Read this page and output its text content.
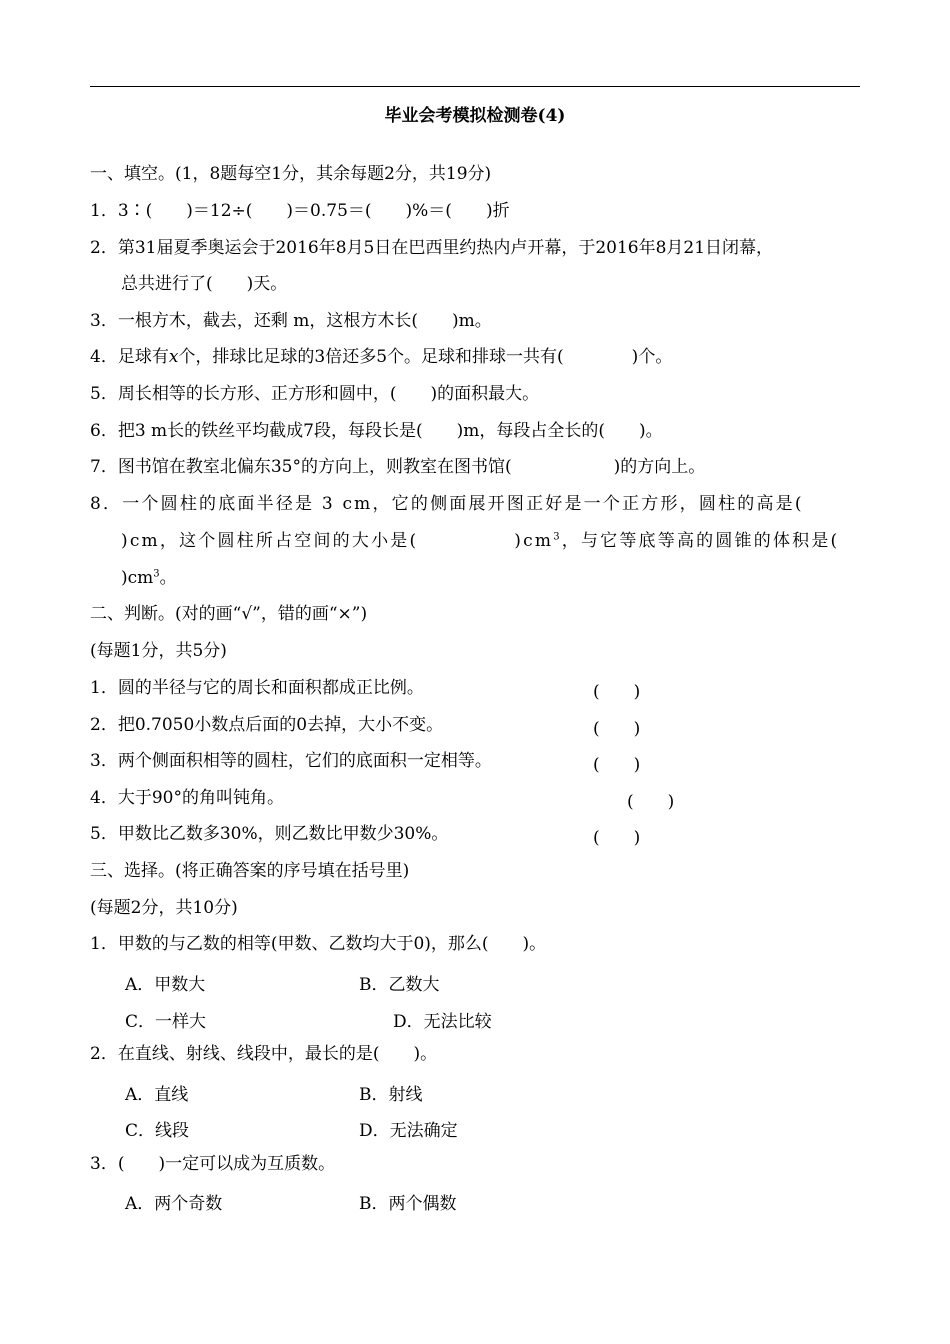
毕业会考模拟检测卷(4)
一、填空。(1，8题每空1分，其余每题2分，共19分)
1．3∶(　　)＝12÷(　　)＝0.75＝(　　)%＝(　　)折
2．第31届夏季奥运会于2016年8月5日在巴西里约热内卢开幕，于2016年8月21日闭幕，
总共进行了(　　)天。
3．一根方木，截去，还剩 m，这根方木长(　　)m。
4．足球有x个，排球比足球的3倍还多5个。足球和排球一共有(　　　　)个。
5．周长相等的长方形、正方形和圆中，(　　)的面积最大。
6．把3 m长的铁丝平均截成7段，每段长是(　　)m，每段占全长的(　　)。
7．图书馆在教室北偏东35°的方向上，则教室在图书馆(　　　　　　)的方向上。
8．一个圆柱的底面半径是 3 cm，它的侧面展开图正好是一个正方形，圆柱的高是(
)cm，这个圆柱所占空间的大小是(　　　　　)$cm^3$，与它等底等高的圆锥的体积是(
)$cm^3$。
二、判断。(对的画“√”，错的画“×”)
(每题1分，共5分)
1．圆的半径与它的周长和面积都成正比例。	(　　)
2．把0.7050小数点后面的0去掉，大小不变。	(　　)
3．两个侧面积相等的圆柱，它们的底面积一定相等。	(　　)
4．大于90°的角叫钝角。	(　　)
5．甲数比乙数多30%，则乙数比甲数少30%。	(　　)
三、选择。(将正确答案的序号填在括号里)
(每题2分，共10分)
1．甲数的与乙数的相等(甲数、乙数均大于0)，那么(　　)。
A．甲数大	B．乙数大
C．一样大	D．无法比较
2．在直线、射线、线段中，最长的是(　　)。
A．直线	B．射线
C．线段	D．无法确定
3．(　　)一定可以成为互质数。
A．两个奇数	B．两个偶数
